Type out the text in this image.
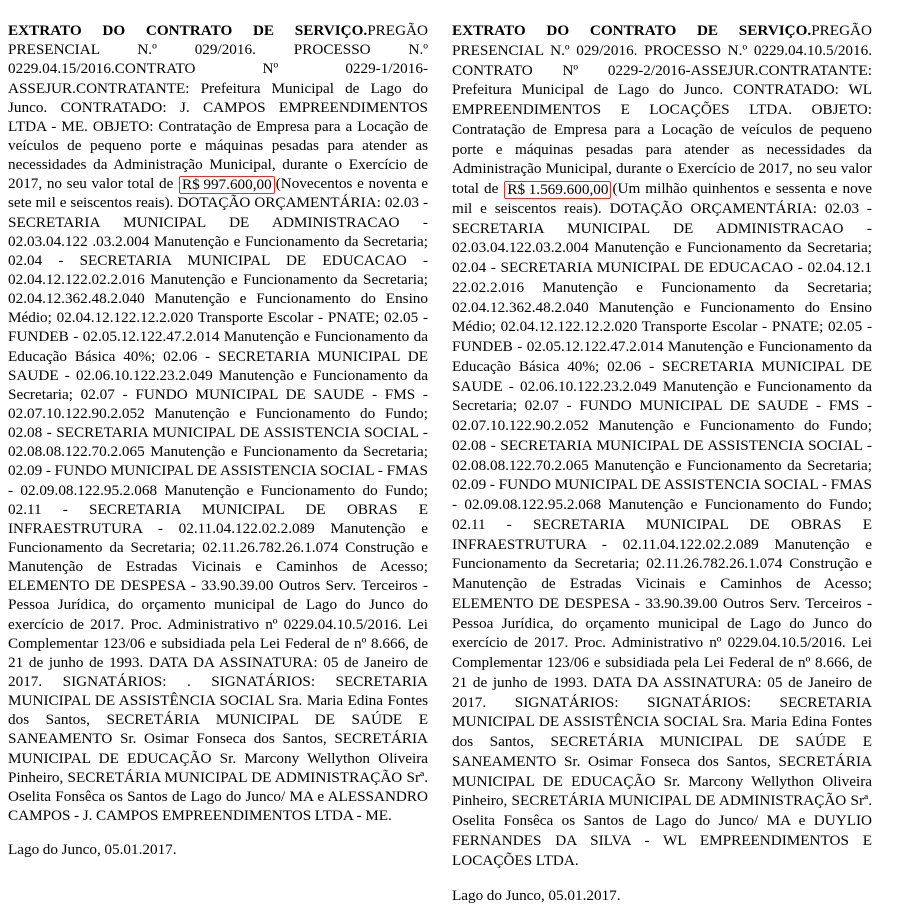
EXTRATO DO CONTRATO DE SERVIÇO.PREGÃO PRESENCIAL N.º 029/2016. PROCESSO N.º 0229.04.15/2016.CONTRATO Nº 0229-1/2016-ASSEJUR.CONTRATANTE: Prefeitura Municipal de Lago do Junco. CONTRATADO: J. CAMPOS EMPREENDIMENTOS LTDA - ME. OBJETO: Contratação de Empresa para a Locação de veículos de pequeno porte e máquinas pesadas para atender as necessidades da Administração Municipal, durante o Exercício de 2017, no seu valor total de R$ 997.600,00 (Novecentos e noventa e sete mil e seiscentos reais). DOTAÇÃO ORÇAMENTÁRIA: 02.03 - SECRETARIA MUNICIPAL DE ADMINISTRACAO - 02.03.04.122 .03.2.004 Manutenção e Funcionamento da Secretaria; 02.04 - SECRETARIA MUNICIPAL DE EDUCACAO - 02.04.12.122.02.2.016 Manutenção e Funcionamento da Secretaria; 02.04.12.362.48.2.040 Manutenção e Funcionamento do Ensino Médio; 02.04.12.122.12.2.020 Transporte Escolar - PNATE; 02.05 - FUNDEB - 02.05.12.122.47.2.014 Manutenção e Funcionamento da Educação Básica 40%; 02.06 - SECRETARIA MUNICIPAL DE SAUDE - 02.06.10.122.23.2.049 Manutenção e Funcionamento da Secretaria; 02.07 - FUNDO MUNICIPAL DE SAUDE - FMS - 02.07.10.122.90.2.052 Manutenção e Funcionamento do Fundo; 02.08 - SECRETARIA MUNICIPAL DE ASSISTENCIA SOCIAL - 02.08.08.122.70.2.065 Manutenção e Funcionamento da Secretaria; 02.09 - FUNDO MUNICIPAL DE ASSISTENCIA SOCIAL - FMAS - 02.09.08.122.95.2.068 Manutenção e Funcionamento do Fundo; 02.11 - SECRETARIA MUNICIPAL DE OBRAS E INFRAESTRUTURA - 02.11.04.122.02.2.089 Manutenção e Funcionamento da Secretaria; 02.11.26.782.26.1.074 Construção e Manutenção de Estradas Vicinais e Caminhos de Acesso; ELEMENTO DE DESPESA - 33.90.39.00 Outros Serv. Terceiros - Pessoa Jurídica, do orçamento municipal de Lago do Junco do exercício de 2017. Proc. Administrativo nº 0229.04.10.5/2016. Lei Complementar 123/06 e subsidiada pela Lei Federal de nº 8.666, de 21 de junho de 1993. DATA DA ASSINATURA: 05 de Janeiro de 2017. SIGNATÁRIOS: . SIGNATÁRIOS: SECRETARIA MUNICIPAL DE ASSISTÊNCIA SOCIAL Sra. Maria Edina Fontes dos Santos, SECRETÁRIA MUNICIPAL DE SAÚDE E SANEAMENTO Sr. Osimar Fonseca dos Santos, SECRETÁRIA MUNICIPAL DE EDUCAÇÃO Sr. Marcony Wellython Oliveira Pinheiro, SECRETÁRIA MUNICIPAL DE ADMINISTRAÇÃO Srª. Oselita Fonsêca os Santos de Lago do Junco/ MA e ALESSANDRO CAMPOS - J. CAMPOS EMPREENDIMENTOS LTDA - ME.

Lago do Junco, 05.01.2017.

EXTRATO DO CONTRATO DE SERVIÇO.PREGÃO PRESENCIAL N.º 029/2016. PROCESSO N.º 0229.04.10.5/2016. CONTRATO Nº 0229-2/2016-ASSEJUR.CONTRATANTE: Prefeitura Municipal de Lago do Junco. CONTRATADO: WL EMPREENDIMENTOS E LOCAÇÕES LTDA. OBJETO: Contratação de Empresa para a Locação de veículos de pequeno porte e máquinas pesadas para atender as necessidades da Administração Municipal, durante o Exercício de 2017, no seu valor total de R$ 1.569.600,00 (Um milhão quinhentos e sessenta e nove mil e seiscentos reais). DOTAÇÃO ORÇAMENTÁRIA: 02.03 - SECRETARIA MUNICIPAL DE ADMINISTRACAO - 02.03.04.122.03.2.004 Manutenção e Funcionamento da Secretaria; 02.04 - SECRETARIA MUNICIPAL DE EDUCACAO - 02.04.12.1 22.02.2.016 Manutenção e Funcionamento da Secretaria; 02.04.12.362.48.2.040 Manutenção e Funcionamento do Ensino Médio; 02.04.12.122.12.2.020 Transporte Escolar - PNATE; 02.05 - FUNDEB - 02.05.12.122.47.2.014 Manutenção e Funcionamento da Educação Básica 40%; 02.06 - SECRETARIA MUNICIPAL DE SAUDE - 02.06.10.122.23.2.049 Manutenção e Funcionamento da Secretaria; 02.07 - FUNDO MUNICIPAL DE SAUDE - FMS - 02.07.10.122.90.2.052 Manutenção e Funcionamento do Fundo; 02.08 - SECRETARIA MUNICIPAL DE ASSISTENCIA SOCIAL - 02.08.08.122.70.2.065 Manutenção e Funcionamento da Secretaria; 02.09 - FUNDO MUNICIPAL DE ASSISTENCIA SOCIAL - FMAS - 02.09.08.122.95.2.068 Manutenção e Funcionamento do Fundo; 02.11 - SECRETARIA MUNICIPAL DE OBRAS E INFRAESTRUTURA - 02.11.04.122.02.2.089 Manutenção e Funcionamento da Secretaria; 02.11.26.782.26.1.074 Construção e Manutenção de Estradas Vicinais e Caminhos de Acesso; ELEMENTO DE DESPESA - 33.90.39.00 Outros Serv. Terceiros - Pessoa Jurídica, do orçamento municipal de Lago do Junco do exercício de 2017. Proc. Administrativo nº 0229.04.10.5/2016. Lei Complementar 123/06 e subsidiada pela Lei Federal de nº 8.666, de 21 de junho de 1993. DATA DA ASSINATURA: 05 de Janeiro de 2017. SIGNATÁRIOS: SIGNATÁRIOS: SECRETARIA MUNICIPAL DE ASSISTÊNCIA SOCIAL Sra. Maria Edina Fontes dos Santos, SECRETÁRIA MUNICIPAL DE SAÚDE E SANEAMENTO Sr. Osimar Fonseca dos Santos, SECRETÁRIA MUNICIPAL DE EDUCAÇÃO Sr. Marcony Wellython Oliveira Pinheiro, SECRETÁRIA MUNICIPAL DE ADMINISTRAÇÃO Srª. Oselita Fonsêca os Santos de Lago do Junco/ MA e DUYLIO FERNANDES DA SILVA - WL EMPREENDIMENTOS E LOCAÇÕES LTDA.

Lago do Junco, 05.01.2017.
